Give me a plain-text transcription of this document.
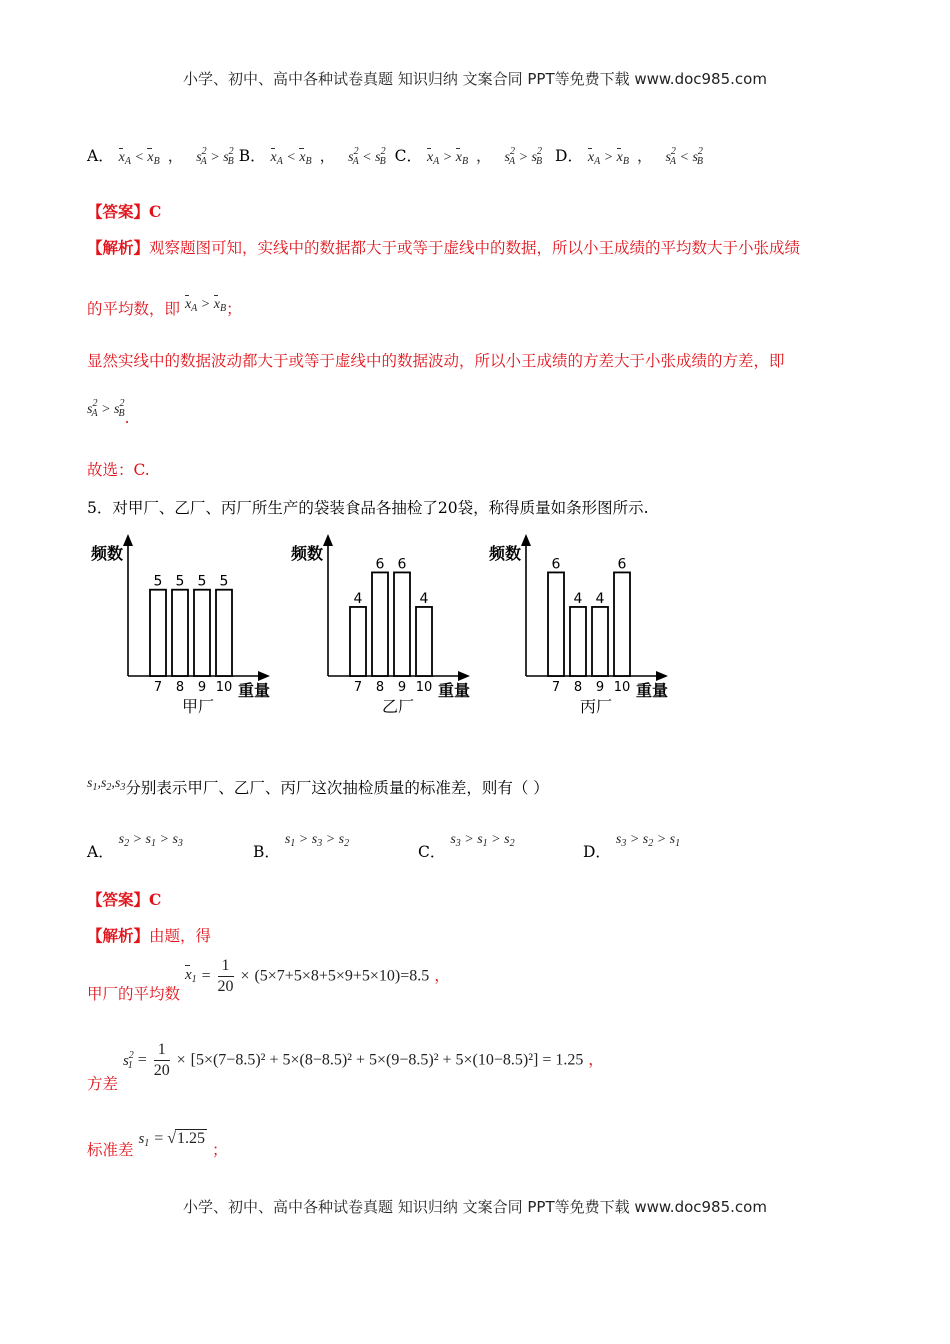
小学、初中、高中各种试卷真题 知识归纳 文案合同 PPT等免费下载 www.doc985.com
小学、初中、高中各种试卷真题 知识归纳 文案合同 PPT等免费下载 www.doc985.com
A． $x_A < x_B$ ， $s^2_A > s^2_B$ B． $x_A < x_B$ ， $s^2_A < s^2_B$ C． $x_A > x_B$ ， $s^2_A > s^2_B$ D． $x_A > x_B$ ， $s^2_A < s^2_B$
【答案】C
【解析】观察题图可知，实线中的数据都大于或等于虚线中的数据，所以小王成绩的平均数大于小张成绩
的平均数，即 $x_A > x_B$；
显然实线中的数据波动都大于或等于虚线中的数据波动，所以小王成绩的方差大于小张成绩的方差，即
$s^2_A > s^2_B$.
故选：C.
5．对甲厂、乙厂、丙厂所生产的袋装食品各抽检了20袋，称得质量如条形图所示.
频数
重量
甲厂
5
7
5
8
5
9
5
10
频数
重量
乙厂
4
7
6
8
6
9
4
10
频数
重量
丙厂
6
7
4
8
4
9
6
10
$s_1,s_2,s_3$分别表示甲厂、乙厂、丙厂这次抽检质量的标准差，则有（ ）
A． $s_2 > s_1 > s_3$	B． $s_1 > s_3 > s_2$	C． $s_3 > s_1 > s_2$	D． $s_3 > s_2 > s_1$
【答案】C
【解析】由题，得
甲厂的平均数 $x_1 = \frac{1}{20} \times (5\times 7+5\times 8+5\times 9+5\times 10)=8.5$ ，
方差 $s^2_1 = \frac{1}{20} \times [5\times(7-8.5)^2 + 5\times(8-8.5)^2 + 5\times(9-8.5)^2 + 5\times(10-8.5)^2] = 1.25$ ，
标准差 $s_1 = √1.25$ ；
